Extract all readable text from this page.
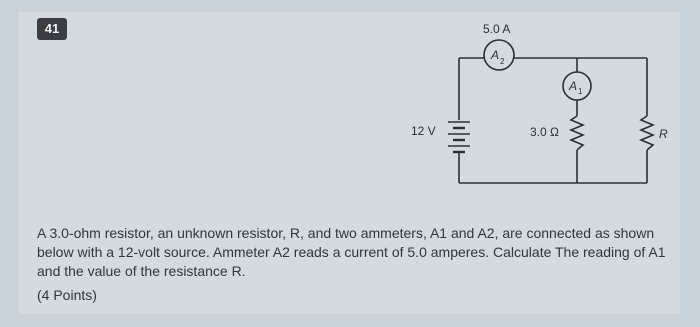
41
12 V	3.0 Ω	R
A 2
5.0 A
A 1

A 3.0-ohm resistor, an unknown resistor, R, and two ammeters, A1 and A2, are connected as shown below with a 12-volt source. Ammeter A2 reads a current of 5.0 amperes. Calculate The reading of A1 and the value of the resistance R.

(4 Points)
